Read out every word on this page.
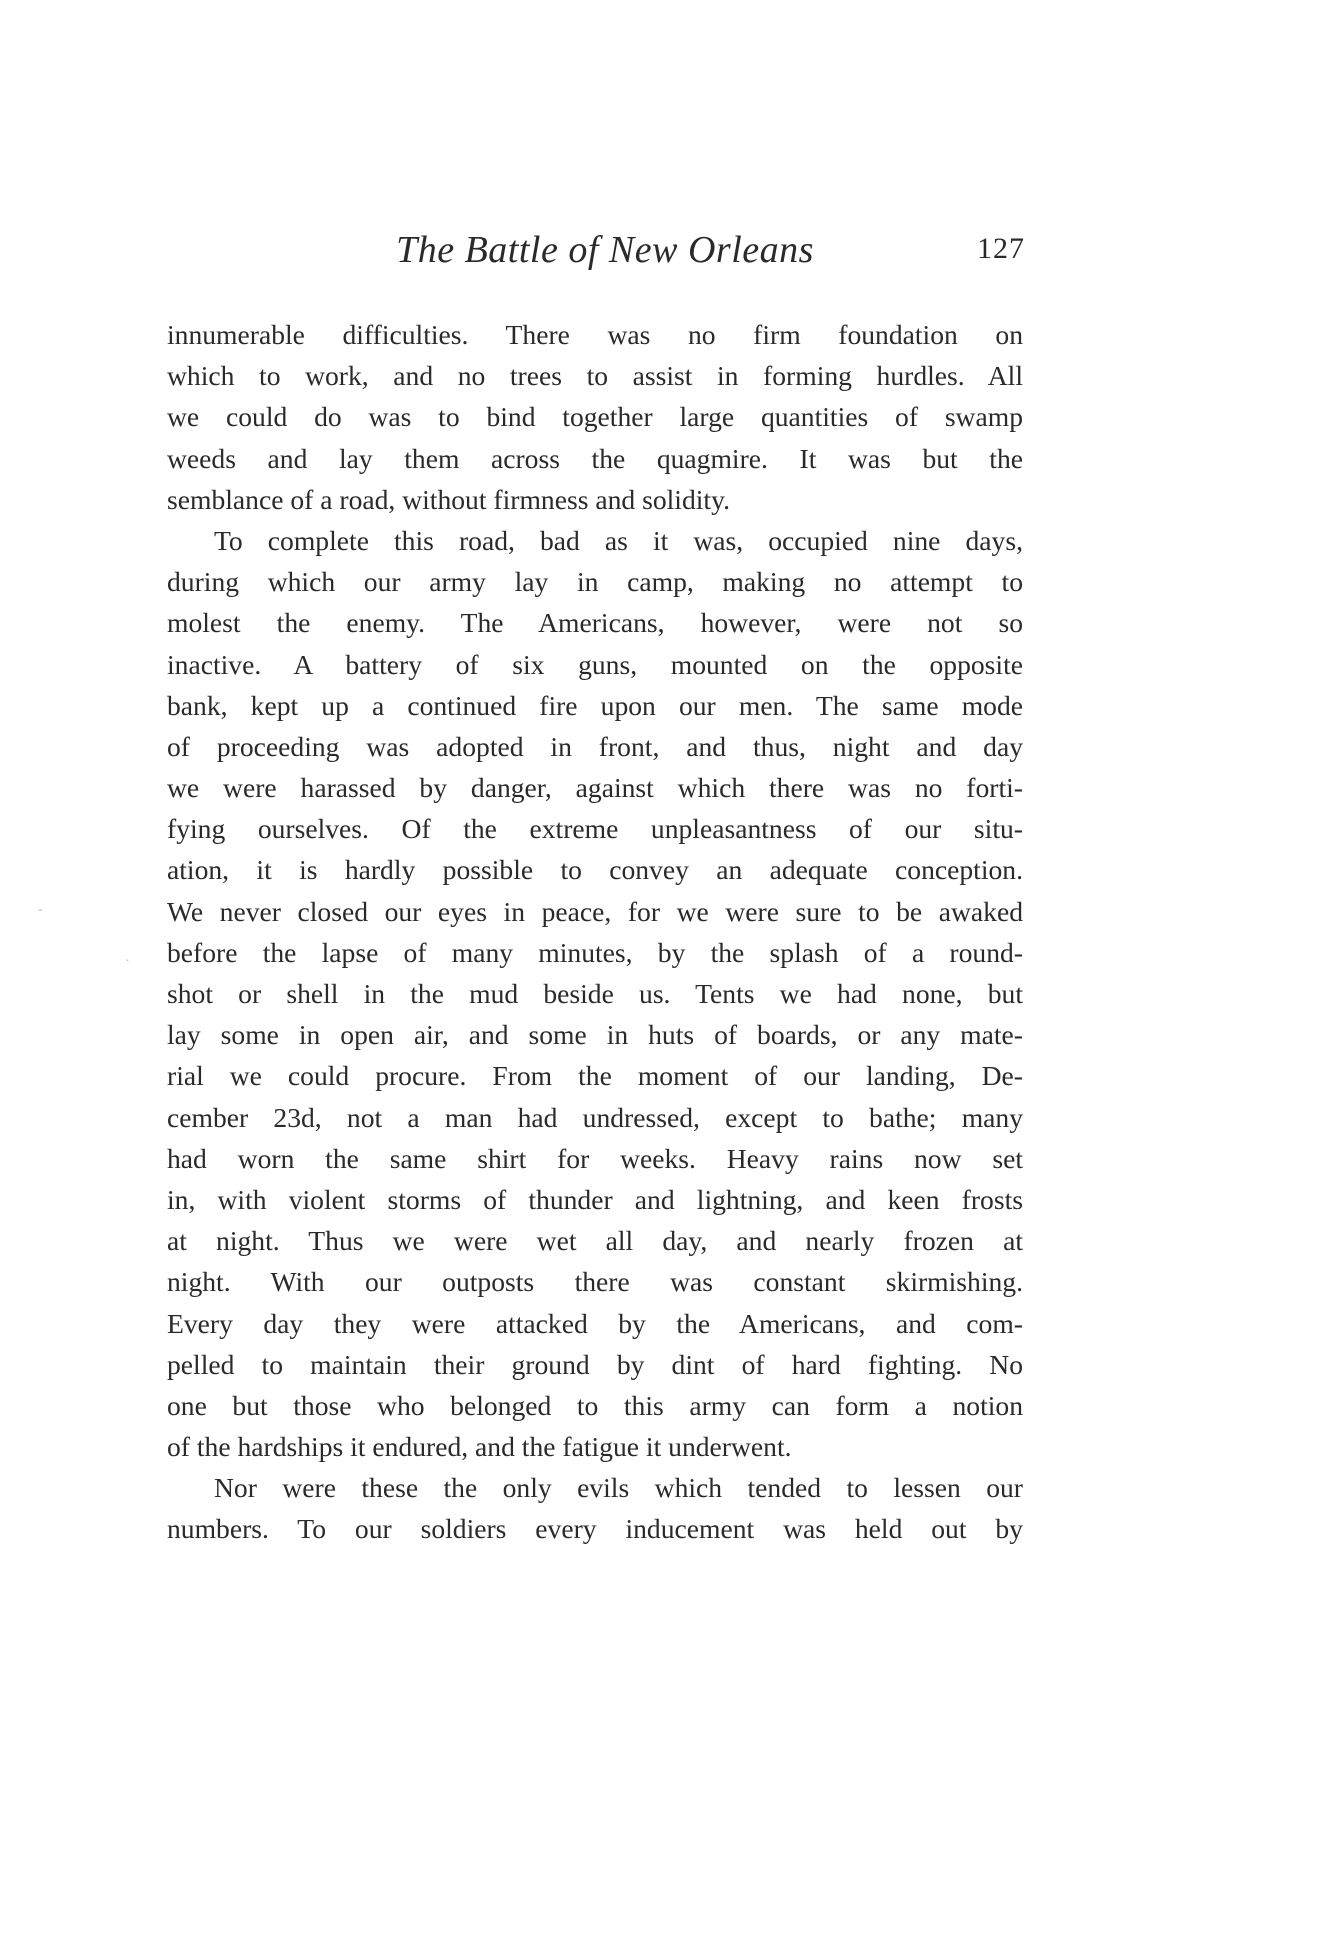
The Battle of New Orleans	127
innumerable difficulties. There was no firm foundation on
which to work, and no trees to assist in forming hurdles. All
we could do was to bind together large quantities of swamp
weeds and lay them across the quagmire. It was but the
semblance of a road, without firmness and solidity.
To complete this road, bad as it was, occupied nine days,
during which our army lay in camp, making no attempt to
molest the enemy. The Americans, however, were not so
inactive. A battery of six guns, mounted on the opposite
bank, kept up a continued fire upon our men. The same mode
of proceeding was adopted in front, and thus, night and day
we were harassed by danger, against which there was no forti-
fying ourselves. Of the extreme unpleasantness of our situ-
ation, it is hardly possible to convey an adequate conception.
We never closed our eyes in peace, for we were sure to be awaked
before the lapse of many minutes, by the splash of a round-
shot or shell in the mud beside us. Tents we had none, but
lay some in open air, and some in huts of boards, or any mate-
rial we could procure. From the moment of our landing, De-
cember 23d, not a man had undressed, except to bathe; many
had worn the same shirt for weeks. Heavy rains now set
in, with violent storms of thunder and lightning, and keen frosts
at night. Thus we were wet all day, and nearly frozen at
night. With our outposts there was constant skirmishing.
Every day they were attacked by the Americans, and com-
pelled to maintain their ground by dint of hard fighting. No
one but those who belonged to this army can form a notion
of the hardships it endured, and the fatigue it underwent.
Nor were these the only evils which tended to lessen our
numbers. To our soldiers every inducement was held out by
-
`
